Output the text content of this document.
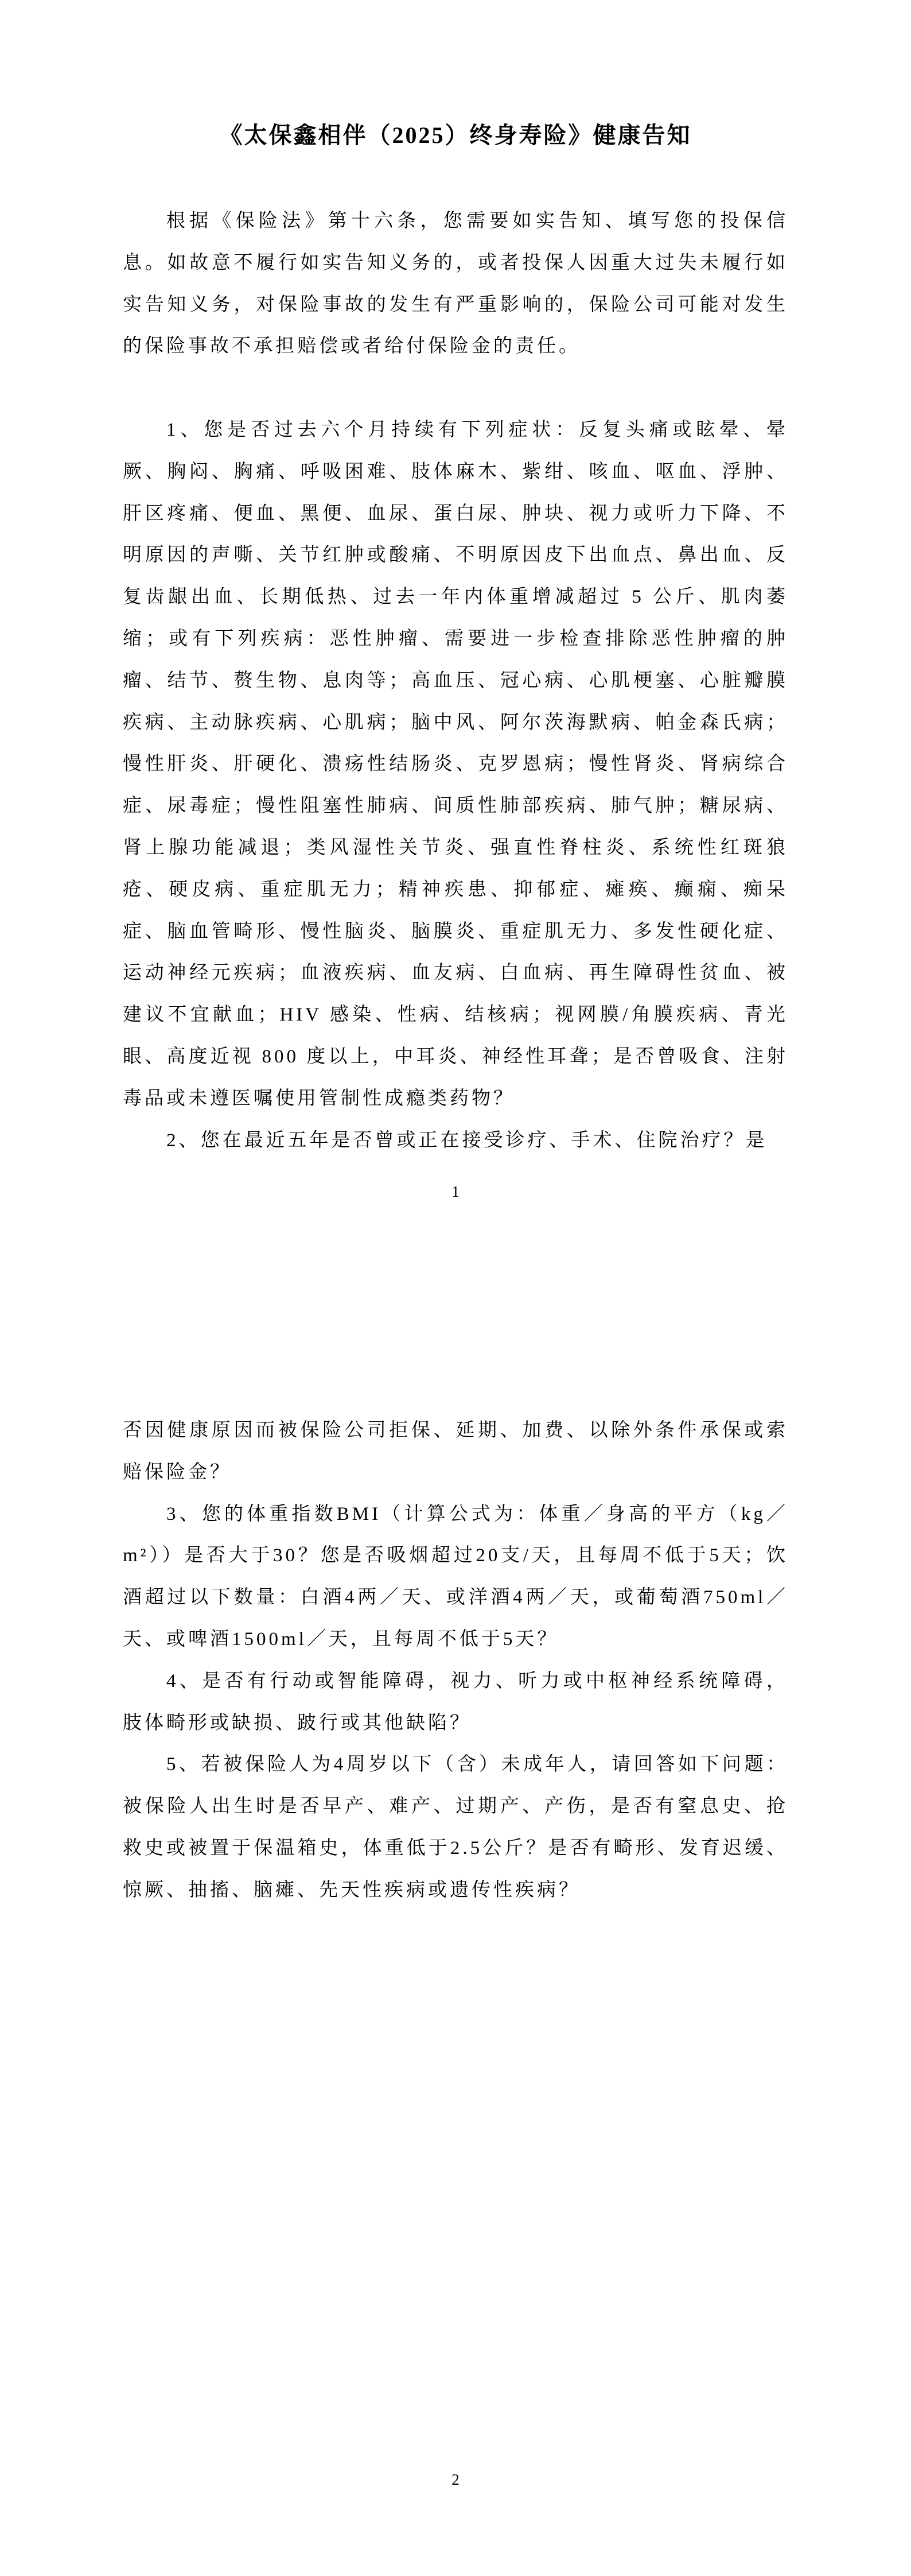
《太保鑫相伴（2025）终身寿险》健康告知

根据《保险法》第十六条，您需要如实告知、填写您的投保信息。如故意不履行如实告知义务的，或者投保人因重大过失未履行如实告知义务，对保险事故的发生有严重影响的，保险公司可能对发生的保险事故不承担赔偿或者给付保险金的责任。

1、您是否过去六个月持续有下列症状：反复头痛或眩晕、晕厥、胸闷、胸痛、呼吸困难、肢体麻木、紫绀、咳血、呕血、浮肿、肝区疼痛、便血、黑便、血尿、蛋白尿、肿块、视力或听力下降、不明原因的声嘶、关节红肿或酸痛、不明原因皮下出血点、鼻出血、反复齿龈出血、长期低热、过去一年内体重增减超过 5 公斤、肌肉萎缩；或有下列疾病：恶性肿瘤、需要进一步检查排除恶性肿瘤的肿瘤、结节、赘生物、息肉等；高血压、冠心病、心肌梗塞、心脏瓣膜疾病、主动脉疾病、心肌病；脑中风、阿尔茨海默病、帕金森氏病；慢性肝炎、肝硬化、溃疡性结肠炎、克罗恩病；慢性肾炎、肾病综合症、尿毒症；慢性阻塞性肺病、间质性肺部疾病、肺气肿；糖尿病、肾上腺功能减退；类风湿性关节炎、强直性脊柱炎、系统性红斑狼疮、硬皮病、重症肌无力；精神疾患、抑郁症、瘫痪、癫痫、痴呆症、脑血管畸形、慢性脑炎、脑膜炎、重症肌无力、多发性硬化症、运动神经元疾病；血液疾病、血友病、白血病、再生障碍性贫血、被建议不宜献血；HIV 感染、性病、结核病；视网膜/角膜疾病、青光眼、高度近视 800 度以上，中耳炎、神经性耳聋；是否曾吸食、注射毒品或未遵医嘱使用管制性成瘾类药物？

2、您在最近五年是否曾或正在接受诊疗、手术、住院治疗？是

1

否因健康原因而被保险公司拒保、延期、加费、以除外条件承保或索赔保险金？

3、您的体重指数BMI（计算公式为：体重／身高的平方（kg／m²））是否大于30？您是否吸烟超过20支/天，且每周不低于5天；饮酒超过以下数量：白酒4两／天、或洋酒4两／天，或葡萄酒750ml／天、或啤酒1500ml／天，且每周不低于5天？

4、是否有行动或智能障碍，视力、听力或中枢神经系统障碍，肢体畸形或缺损、跛行或其他缺陷？

5、若被保险人为4周岁以下（含）未成年人，请回答如下问题：被保险人出生时是否早产、难产、过期产、产伤，是否有窒息史、抢救史或被置于保温箱史，体重低于2.5公斤？是否有畸形、发育迟缓、惊厥、抽搐、脑瘫、先天性疾病或遗传性疾病？

2
